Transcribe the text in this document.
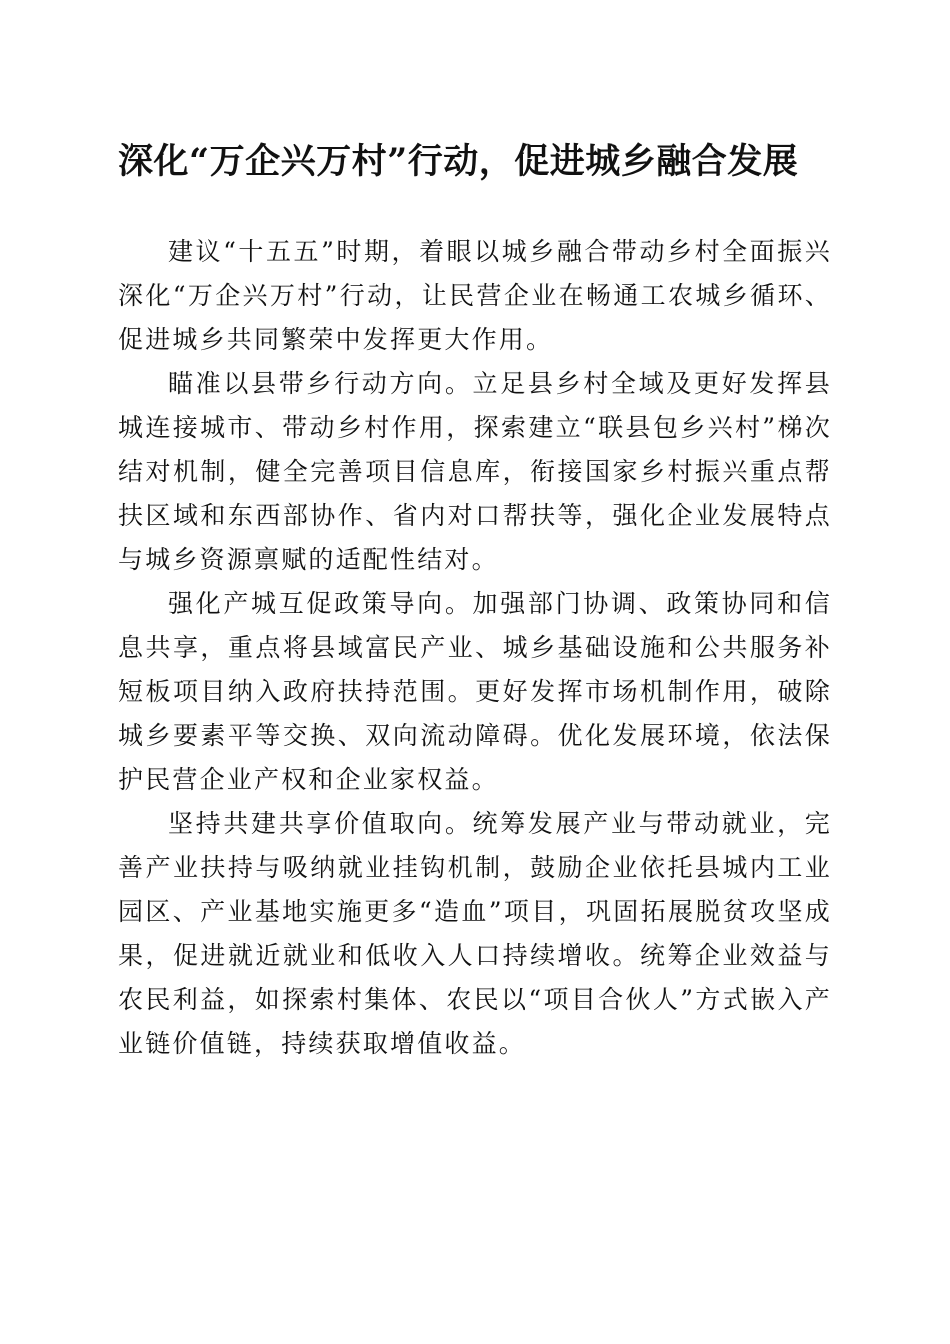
深化“万企兴万村”行动，促进城乡融合发展

建议“十五五”时期，着眼以城乡融合带动乡村全面振兴深化“万企兴万村”行动，让民营企业在畅通工农城乡循环、促进城乡共同繁荣中发挥更大作用。

瞄准以县带乡行动方向。立足县乡村全域及更好发挥县城连接城市、带动乡村作用，探索建立“联县包乡兴村”梯次结对机制，健全完善项目信息库，衔接国家乡村振兴重点帮扶区域和东西部协作、省内对口帮扶等，强化企业发展特点与城乡资源禀赋的适配性结对。

强化产城互促政策导向。加强部门协调、政策协同和信息共享，重点将县域富民产业、城乡基础设施和公共服务补短板项目纳入政府扶持范围。更好发挥市场机制作用，破除城乡要素平等交换、双向流动障碍。优化发展环境，依法保护民营企业产权和企业家权益。

坚持共建共享价值取向。统筹发展产业与带动就业，完善产业扶持与吸纳就业挂钩机制，鼓励企业依托县城内工业园区、产业基地实施更多“造血”项目，巩固拓展脱贫攻坚成果，促进就近就业和低收入人口持续增收。统筹企业效益与农民利益，如探索村集体、农民以“项目合伙人”方式嵌入产业链价值链，持续获取增值收益。
